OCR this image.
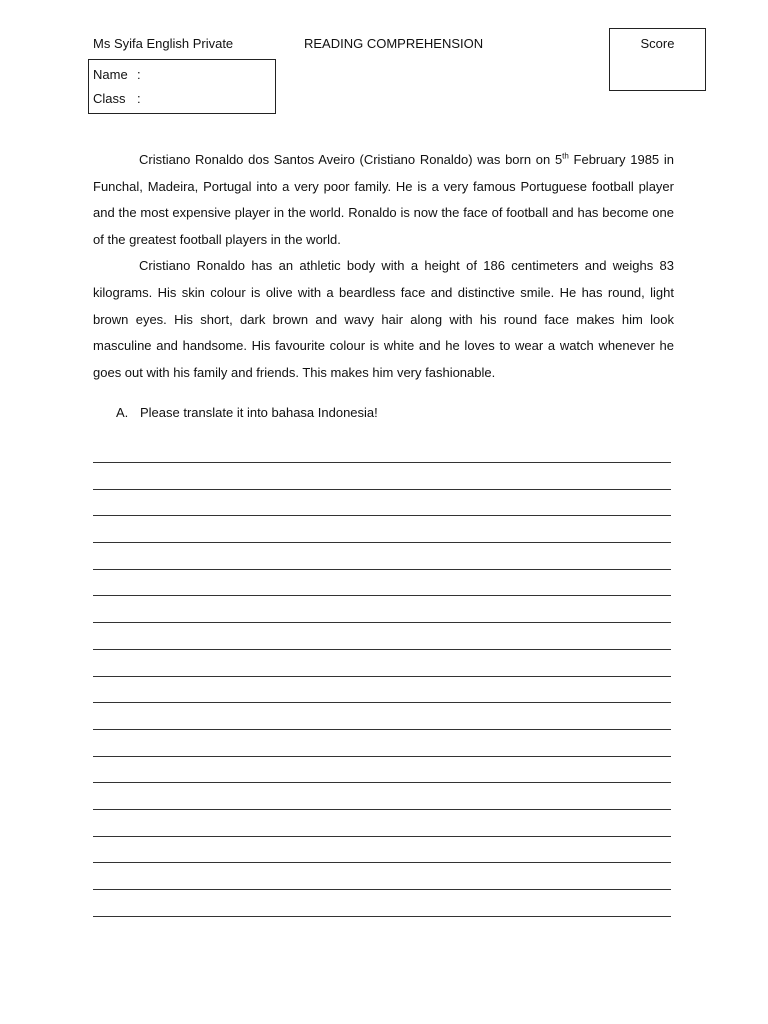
Ms Syifa English Private	READING COMPREHENSION	Score
Name :
Class :

Cristiano Ronaldo dos Santos Aveiro (Cristiano Ronaldo) was born on 5th February 1985 in Funchal, Madeira, Portugal into a very poor family. He is a very famous Portuguese football player and the most expensive player in the world. Ronaldo is now the face of football and has become one of the greatest football players in the world.

Cristiano Ronaldo has an athletic body with a height of 186 centimeters and weighs 83 kilograms. His skin colour is olive with a beardless face and distinctive smile. He has round, light brown eyes. His short, dark brown and wavy hair along with his round face makes him look masculine and handsome. His favourite colour is white and he loves to wear a watch whenever he goes out with his family and friends. This makes him very fashionable.

A. Please translate it into bahasa Indonesia!
